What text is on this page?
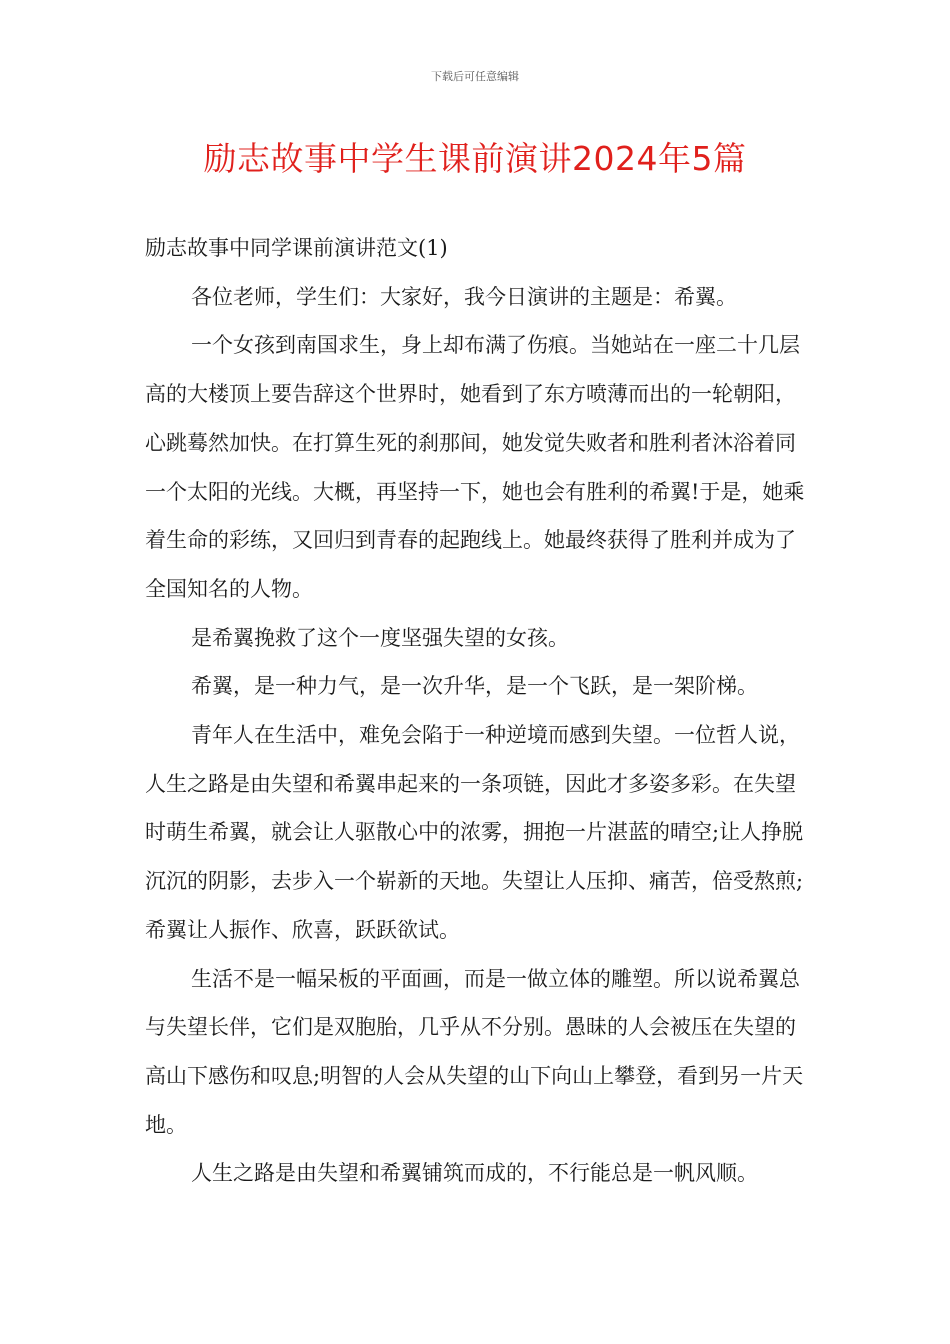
下载后可任意编辑
励志故事中学生课前演讲2024年5篇

励志故事中同学课前演讲范文(1)

各位老师，学生们：大家好，我今日演讲的主题是：希翼。

一个女孩到南国求生，身上却布满了伤痕。当她站在一座二十几层高的大楼顶上要告辞这个世界时，她看到了东方喷薄而出的一轮朝阳，心跳蓦然加快。在打算生死的刹那间，她发觉失败者和胜利者沐浴着同一个太阳的光线。大概，再坚持一下，她也会有胜利的希翼!于是，她乘着生命的彩练，又回归到青春的起跑线上。她最终获得了胜利并成为了全国知名的人物。

是希翼挽救了这个一度坚强失望的女孩。

希翼，是一种力气，是一次升华，是一个飞跃，是一架阶梯。

青年人在生活中，难免会陷于一种逆境而感到失望。一位哲人说，人生之路是由失望和希翼串起来的一条项链，因此才多姿多彩。在失望时萌生希翼，就会让人驱散心中的浓雾，拥抱一片湛蓝的晴空;让人挣脱沉沉的阴影，去步入一个崭新的天地。失望让人压抑、痛苦，倍受熬煎;希翼让人振作、欣喜，跃跃欲试。

生活不是一幅呆板的平面画，而是一做立体的雕塑。所以说希翼总与失望长伴，它们是双胞胎，几乎从不分别。愚昧的人会被压在失望的高山下感伤和叹息;明智的人会从失望的山下向山上攀登，看到另一片天地。

人生之路是由失望和希翼铺筑而成的，不行能总是一帆风顺。
